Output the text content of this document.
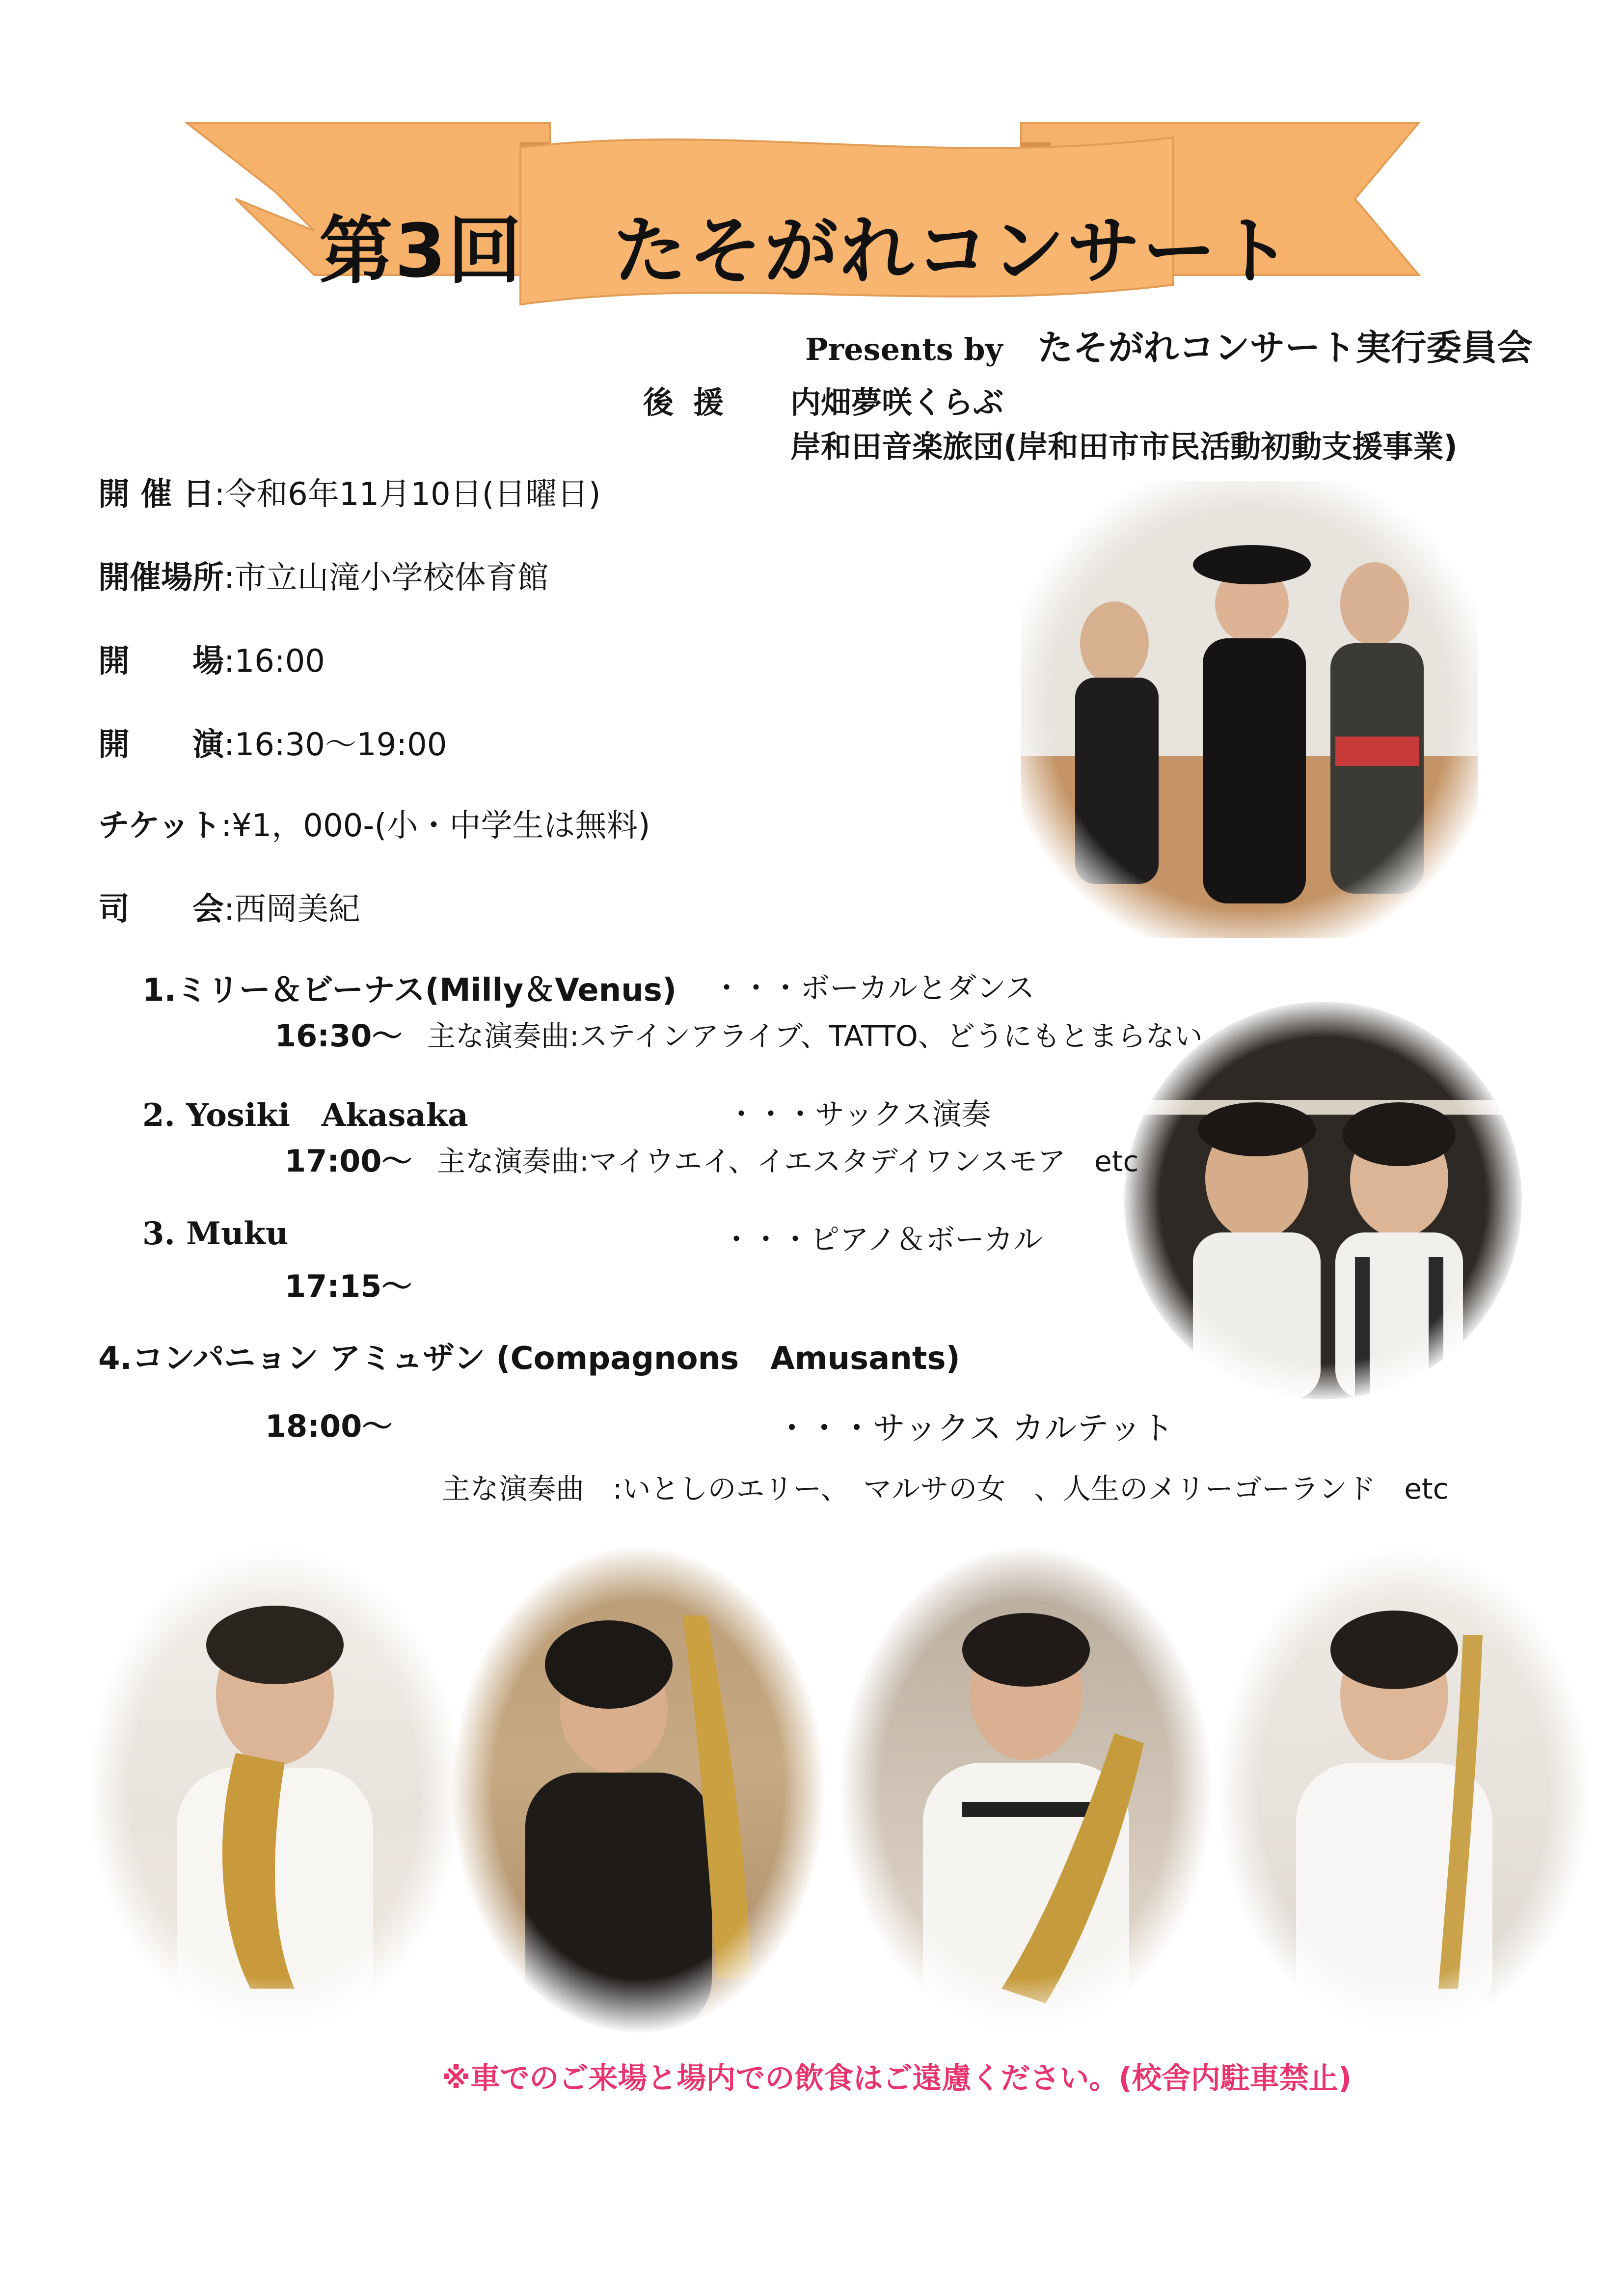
第3回 たそがれコンサート
Presents by たそがれコンサート実行委員会
後援 内畑夢咲くらぶ
岸和田音楽旅団(岸和田市市民活動初動支援事業)
開 催 日:令和6年11月10日(日曜日)
開催場所:市立山滝小学校体育館
開　　場:16:00
開　　演:16:30～19:00
チケット:¥1，000-(小・中学生は無料)
司　　会:西岡美紀
1.ミリー＆ビーナス(Milly＆Venus) ・・・ボーカルとダンス
16:30～ 主な演奏曲:ステインアライブ、TATTO、どうにもとまらない
2. Yosiki　Akasaka	・・・サックス演奏
17:00～ 主な演奏曲:マイウエイ、イエスタデイワンスモア　etc
3. Muku	・・・ピアノ＆ボーカル
17:15～
4.コンパニョン アミュザン (Compagnons　Amusants)
18:00～	・・・サックス カルテット
主な演奏曲　:いとしのエリー、　マルサの女　、人生のメリーゴーランド　etc
※車でのご来場と場内での飲食はご遠慮ください。(校舎内駐車禁止)
